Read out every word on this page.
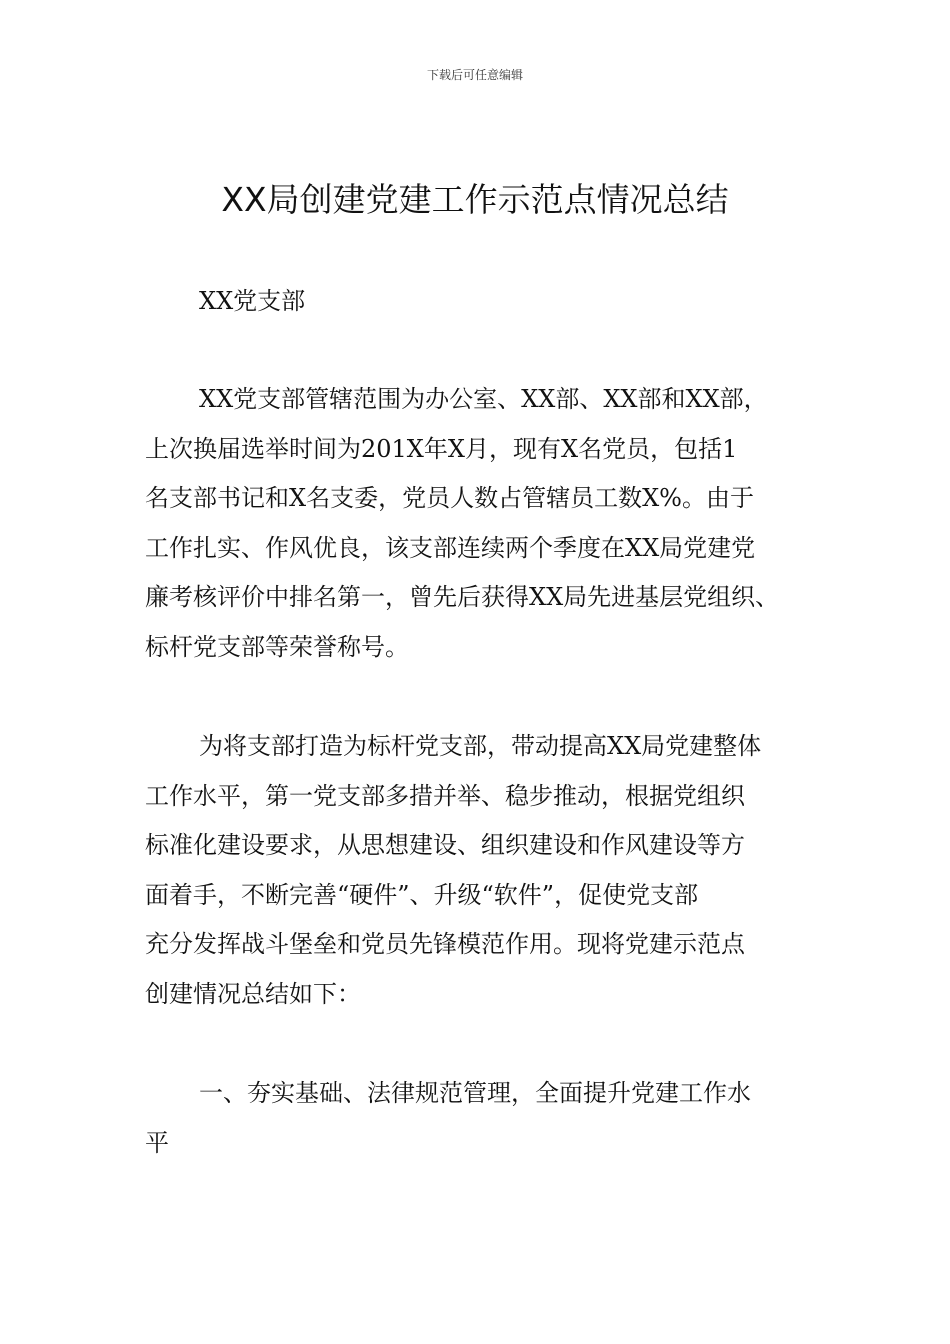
下载后可任意编辑
XX局创建党建工作示范点情况总结
XX党支部
XX党支部管辖范围为办公室、XX部、XX部和XX部，
上次换届选举时间为201X年X月，现有X名党员，包括1
名支部书记和X名支委，党员人数占管辖员工数X%。由于
工作扎实、作风优良，该支部连续两个季度在XX局党建党
廉考核评价中排名第一，曾先后获得XX局先进基层党组织、
标杆党支部等荣誉称号。
为将支部打造为标杆党支部，带动提高XX局党建整体
工作水平，第一党支部多措并举、稳步推动，根据党组织
标准化建设要求，从思想建设、组织建设和作风建设等方
面着手，不断完善“硬件”、升级“软件”，促使党支部
充分发挥战斗堡垒和党员先锋模范作用。现将党建示范点
创建情况总结如下：
一、夯实基础、法律规范管理，全面提升党建工作水
平
